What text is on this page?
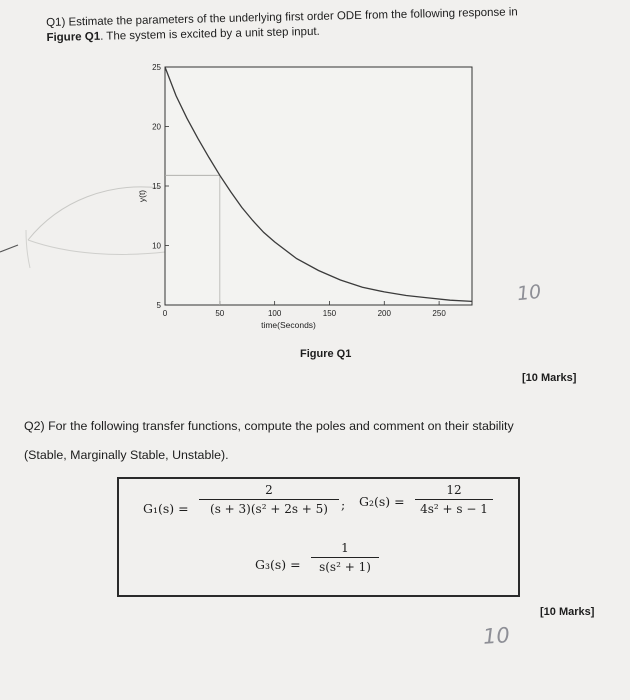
Q1) Estimate the parameters of the underlying first order ODE from the following response in
Figure Q1. The system is excited by a unit step input.
0	50	100	150	200	250
5
10
15
20
25
time(Seconds)
y(t)
10
Figure Q1
[10 Marks]
Q2) For the following transfer functions, compute the poles and comment on their stability
(Stable, Marginally Stable, Unstable).
G₁(s) =
2
(s + 3)(s² + 2s + 5)	; G₂(s) =
12
4s² + s − 1
G₃(s) =
1
s(s² + 1)
[10 Marks]
10
